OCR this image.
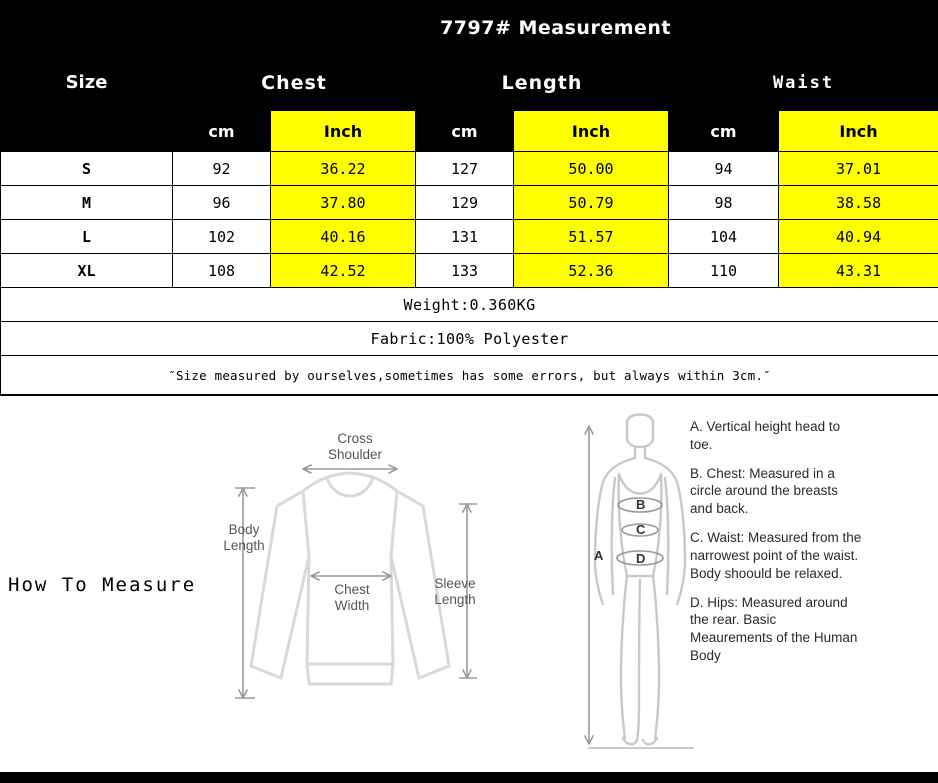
	7797# Measurement					
Size	Chest		Length		Waist	
	cm	Inch	cm	Inch	cm	Inch
S	92	36.22	127	50.00	94	37.01
M	96	37.80	129	50.79	98	38.58
L	102	40.16	131	51.57	104	40.94
XL	108	42.52	133	52.36	110	43.31
Weight:0.360KG						
Fabric:100% Polyester						
″Size measured by ourselves,sometimes has some errors, but always within 3cm.″						
How To Measure
Cross
Shoulder
Body
Length
Chest
Width
Sleeve
Length
B
C
D
A

A. Vertical height head to toe.

B. Chest: Measured in a circle around the breasts and back.

C. Waist: Measured from the narrowest point of the waist. Body shoould be relaxed.

D. Hips: Measured around the rear. Basic Meaurements of the Human Body
